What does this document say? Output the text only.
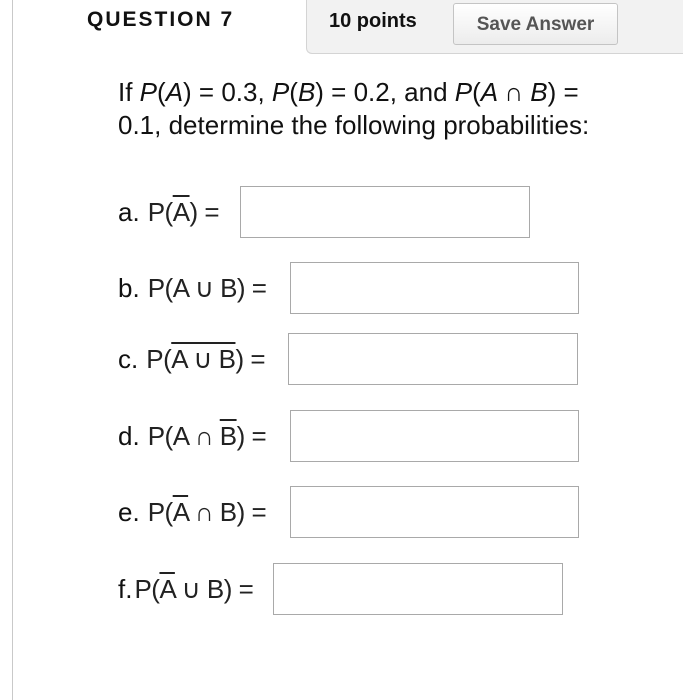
QUESTION 7	10 points	Save Answer
If P(A) = 0.3, P(B) = 0.2, and P(A ∩ B) = 0.1, determine the following probabilities:
a. $P(\overline{A})$ =
b. P(A ∪ B) =
c. P(A ∪ B) =
d. P(A ∩ $\overline{B}$) =
e. $P(\overline{A}$ ∩ B) =
f. $P(\overline{A}$ ∪ B) =
